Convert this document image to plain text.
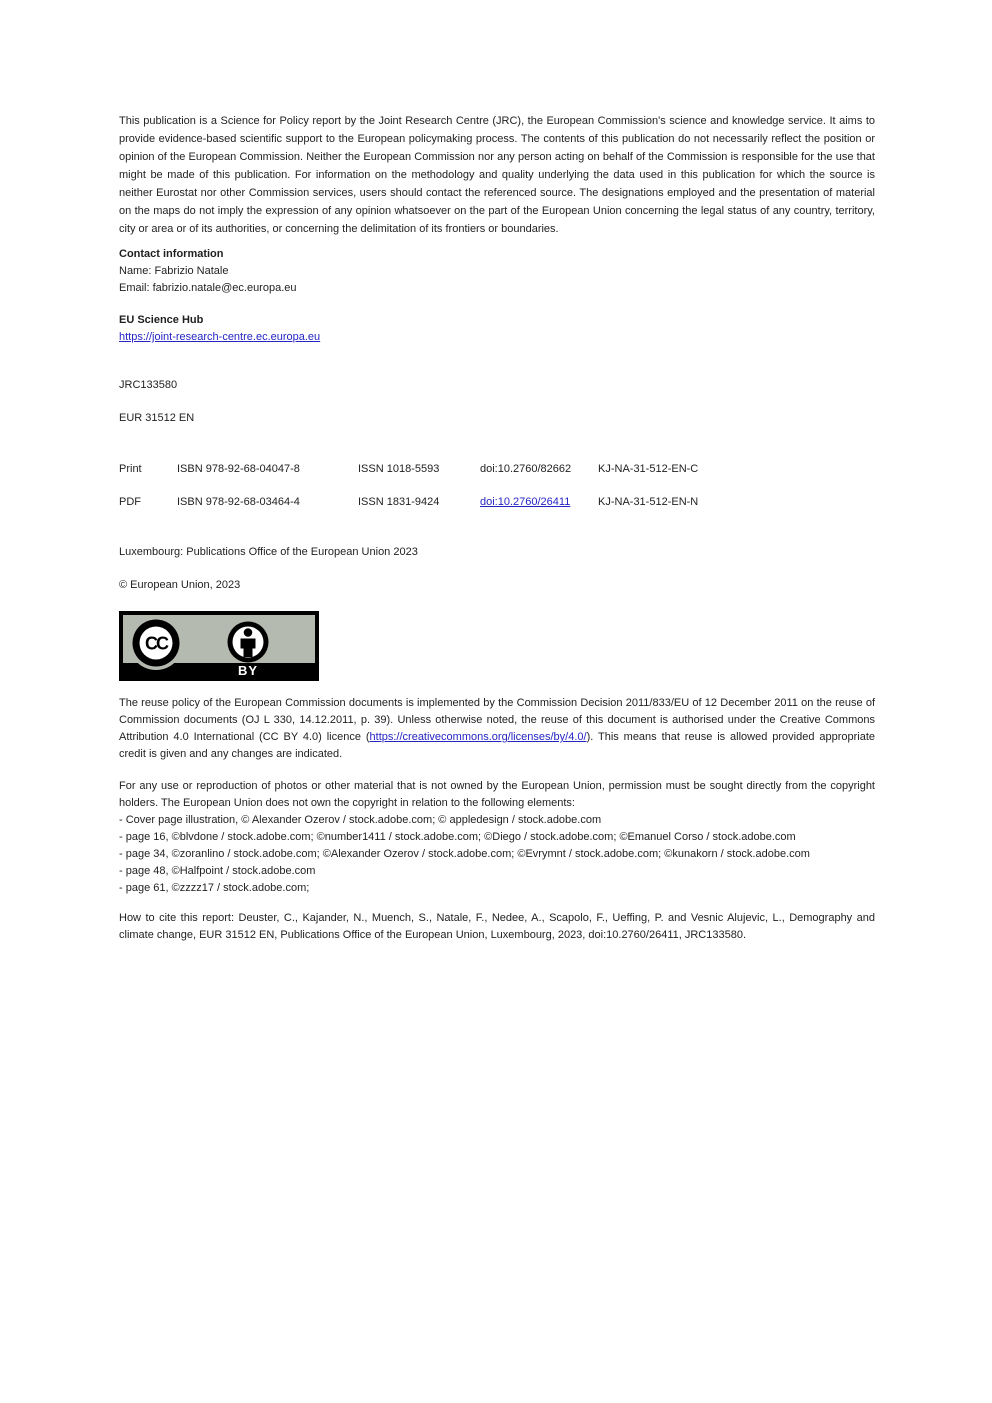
This publication is a Science for Policy report by the Joint Research Centre (JRC), the European Commission's science and knowledge service. It aims to provide evidence-based scientific support to the European policymaking process. The contents of this publication do not necessarily reflect the position or opinion of the European Commission. Neither the European Commission nor any person acting on behalf of the Commission is responsible for the use that might be made of this publication. For information on the methodology and quality underlying the data used in this publication for which the source is neither Eurostat nor other Commission services, users should contact the referenced source. The designations employed and the presentation of material on the maps do not imply the expression of any opinion whatsoever on the part of the European Union concerning the legal status of any country, territory, city or area or of its authorities, or concerning the delimitation of its frontiers or boundaries.

Contact information
Name: Fabrizio Natale
Email: fabrizio.natale@ec.europa.eu
EU Science Hub
https://joint-research-centre.ec.europa.eu
JRC133580
EUR 31512 EN
Print	ISBN 978-92-68-04047-8	ISSN 1018-5593	doi:10.2760/82662	KJ-NA-31-512-EN-C
PDF	ISBN 978-92-68-03464-4	ISSN 1831-9424	doi:10.2760/26411	KJ-NA-31-512-EN-N
Luxembourg: Publications Office of the European Union 2023
© European Union, 2023
CC
BY

The reuse policy of the European Commission documents is implemented by the Commission Decision 2011/833/EU of 12 December 2011 on the reuse of Commission documents (OJ L 330, 14.12.2011, p. 39). Unless otherwise noted, the reuse of this document is authorised under the Creative Commons Attribution 4.0 International (CC BY 4.0) licence (https://creativecommons.org/licenses/by/4.0/). This means that reuse is allowed provided appropriate credit is given and any changes are indicated.

For any use or reproduction of photos or other material that is not owned by the European Union, permission must be sought directly from the copyright holders. The European Union does not own the copyright in relation to the following elements:

- Cover page illustration, © Alexander Ozerov / stock.adobe.com; © appledesign / stock.adobe.com
- page 16, ©blvdone / stock.adobe.com; ©number1411 / stock.adobe.com; ©Diego / stock.adobe.com; ©Emanuel Corso / stock.adobe.com
- page 34, ©zoranlino / stock.adobe.com; ©Alexander Ozerov / stock.adobe.com; ©Evrymnt / stock.adobe.com; ©kunakorn / stock.adobe.com
- page 48, ©Halfpoint / stock.adobe.com
- page 61, ©zzzz17 / stock.adobe.com;

How to cite this report: Deuster, C., Kajander, N., Muench, S., Natale, F., Nedee, A., Scapolo, F., Ueffing, P. and Vesnic Alujevic, L., Demography and climate change, EUR 31512 EN, Publications Office of the European Union, Luxembourg, 2023, doi:10.2760/26411, JRC133580.
